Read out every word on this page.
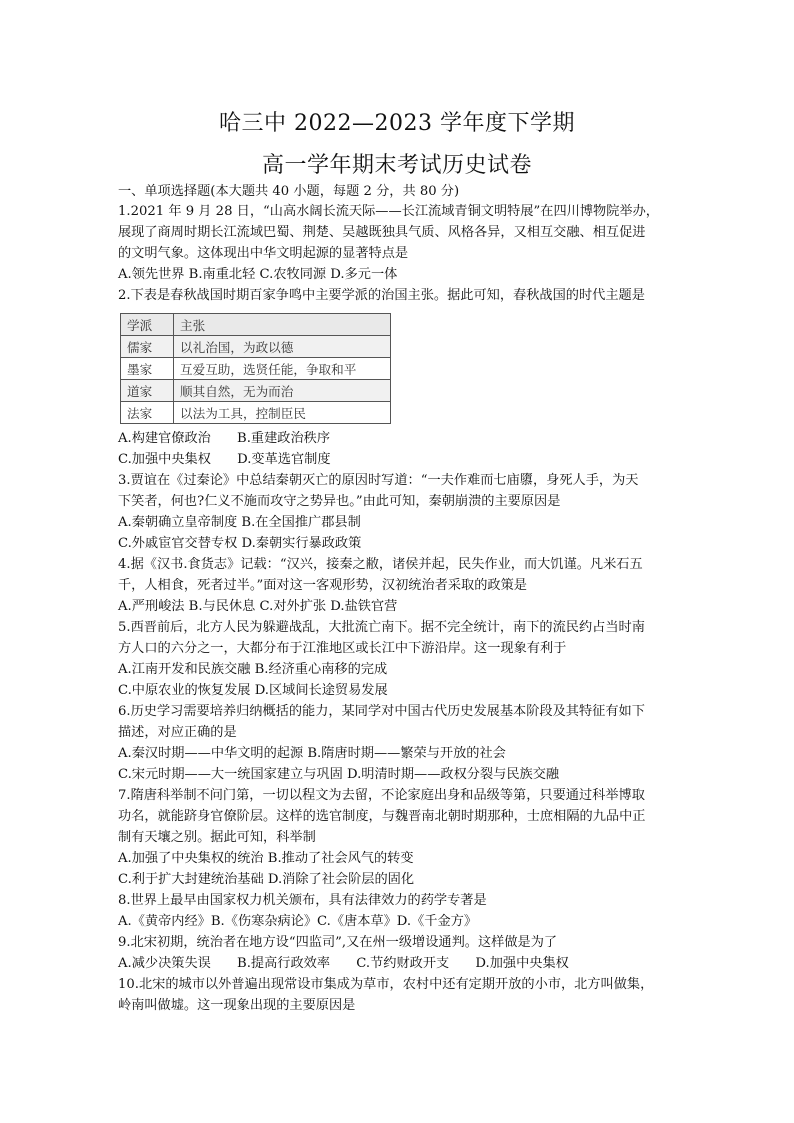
哈三中 2022—2023 学年度下学期
高一学年期末考试历史试卷
一、单项选择题(本大题共 40 小题，每题 2 分，共 80 分)
1.2021 年 9 月 28 日，“山高水阔长流天际——长江流域青铜文明特展”在四川博物院举办，
展现了商周时期长江流域巴蜀、荆楚、吴越既独具气质、风格各异，又相互交融、相互促进
的文明气象。这体现出中华文明起源的显著特点是
A.领先世界 B.南重北轻 C.农牧同源 D.多元一体
2.下表是春秋战国时期百家争鸣中主要学派的治国主张。据此可知，春秋战国的时代主题是
学派	主张
儒家	以礼治国，为政以德
墨家	互爱互助，选贤任能，争取和平
道家	顺其自然，无为而治
法家	以法为工具，控制臣民
A.构建官僚政治 B.重建政治秩序
C.加强中央集权 D.变革选官制度
3.贾谊在《过秦论》中总结秦朝灭亡的原因时写道：“一夫作难而七庙隳，身死人手，为天
下笑者，何也?仁义不施而攻守之势异也。”由此可知，秦朝崩溃的主要原因是
A.秦朝确立皇帝制度 B.在全国推广郡县制
C.外戚宦官交替专权 D.秦朝实行暴政政策
4.据《汉书.食货志》记载：“汉兴，接秦之敝，诸侯并起，民失作业，而大饥谨。凡米石五
千，人相食，死者过半。”面对这一客观形势，汉初统治者采取的政策是
A.严刑峻法 B.与民休息 C.对外扩张 D.盐铁官营
5.西晋前后，北方人民为躲避战乱，大批流亡南下。据不完全统计，南下的流民约占当时南
方人口的六分之一，大都分布于江淮地区或长江中下游沿岸。这一现象有利于
A.江南开发和民族交融 B.经济重心南移的完成
C.中原农业的恢复发展 D.区域间长途贸易发展
6.历史学习需要培养归纳概括的能力，某同学对中国古代历史发展基本阶段及其特征有如下
描述，对应正确的是
A.秦汉时期——中华文明的起源 B.隋唐时期——繁荣与开放的社会
C.宋元时期——大一统国家建立与巩固 D.明清时期——政权分裂与民族交融
7.隋唐科举制不问门第，一切以程文为去留，不论家庭出身和品级等第，只要通过科举博取
功名，就能跻身官僚阶层。这样的选官制度，与魏晋南北朝时期那种，士庶相隔的九品中正
制有天壤之别。据此可知，科举制
A.加强了中央集权的统治 B.推动了社会风气的转变
C.利于扩大封建统治基础 D.消除了社会阶层的固化
8.世界上最早由国家权力机关颁布，具有法律效力的药学专著是
A.《黄帝内经》B.《伤寒杂病论》C.《唐本草》D.《千金方》
9.北宋初期，统治者在地方设“四监司”,又在州一级增设通判。这样做是为了
A.减少决策失误 B.提高行政效率 C.节约财政开支 D.加强中央集权
10.北宋的城市以外普遍出现常设市集成为草市，农村中还有定期开放的小市，北方叫做集，
岭南叫做墟。这一现象出现的主要原因是
